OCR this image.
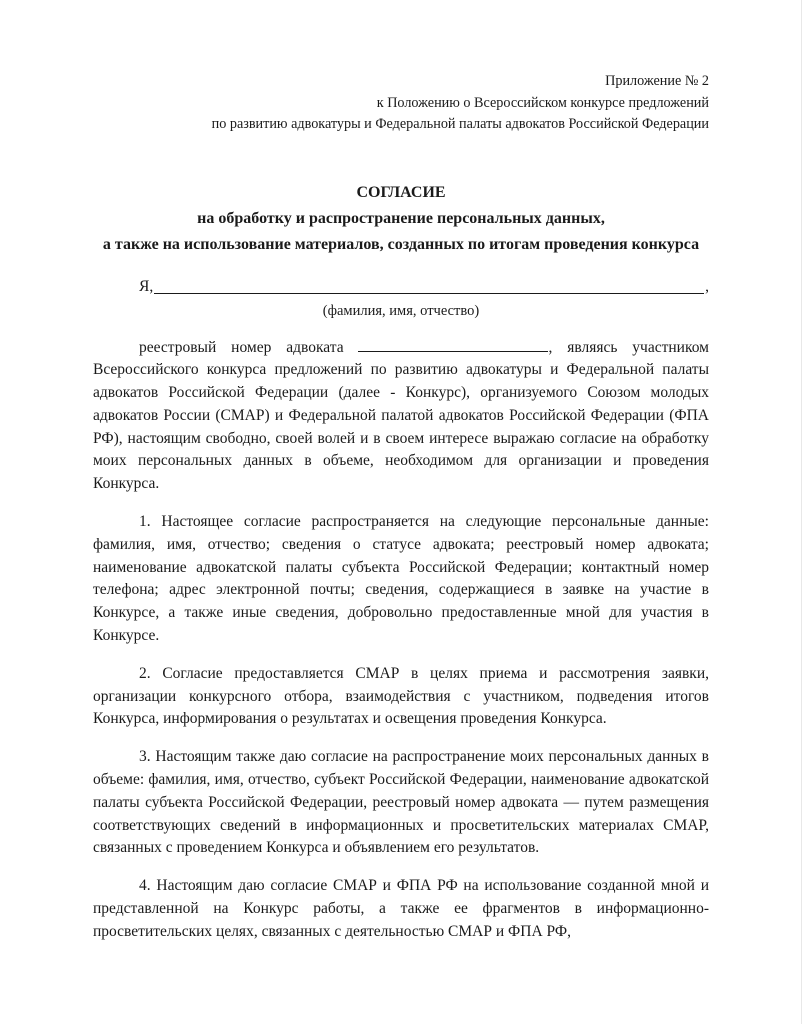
Приложение № 2
к Положению о Всероссийском конкурсе предложений
по развитию адвокатуры и Федеральной палаты адвокатов Российской Федерации
СОГЛАСИЕ
на обработку и распространение персональных данных,
а также на использование материалов, созданных по итогам проведения конкурса
Я,	,
(фамилия, имя, отчество)

реестровый номер адвоката	, являясь участником Всероссийского конкурса предложений по развитию адвокатуры и Федеральной палаты адвокатов Российской Федерации (далее - Конкурс), организуемого Союзом молодых адвокатов России (СМАР) и Федеральной палатой адвокатов Российской Федерации (ФПА РФ), настоящим свободно, своей волей и в своем интересе выражаю согласие на обработку моих персональных данных в объеме, необходимом для организации и проведения Конкурса.

1. Настоящее согласие распространяется на следующие персональные данные: фамилия, имя, отчество; сведения о статусе адвоката; реестровый номер адвоката; наименование адвокатской палаты субъекта Российской Федерации; контактный номер телефона; адрес электронной почты; сведения, содержащиеся в заявке на участие в Конкурсе, а также иные сведения, добровольно предоставленные мной для участия в Конкурсе.

2. Согласие предоставляется СМАР в целях приема и рассмотрения заявки, организации конкурсного отбора, взаимодействия с участником, подведения итогов Конкурса, информирования о результатах и освещения проведения Конкурса.

3. Настоящим также даю согласие на распространение моих персональных данных в объеме: фамилия, имя, отчество, субъект Российской Федерации, наименование адвокатской палаты субъекта Российской Федерации, реестровый номер адвоката — путем размещения соответствующих сведений в информационных и просветительских материалах СМАР, связанных с проведением Конкурса и объявлением его результатов.

4. Настоящим даю согласие СМАР и ФПА РФ на использование созданной мной и представленной на Конкурс работы, а также ее фрагментов в информационно-просветительских целях, связанных с деятельностью СМАР и ФПА РФ,
